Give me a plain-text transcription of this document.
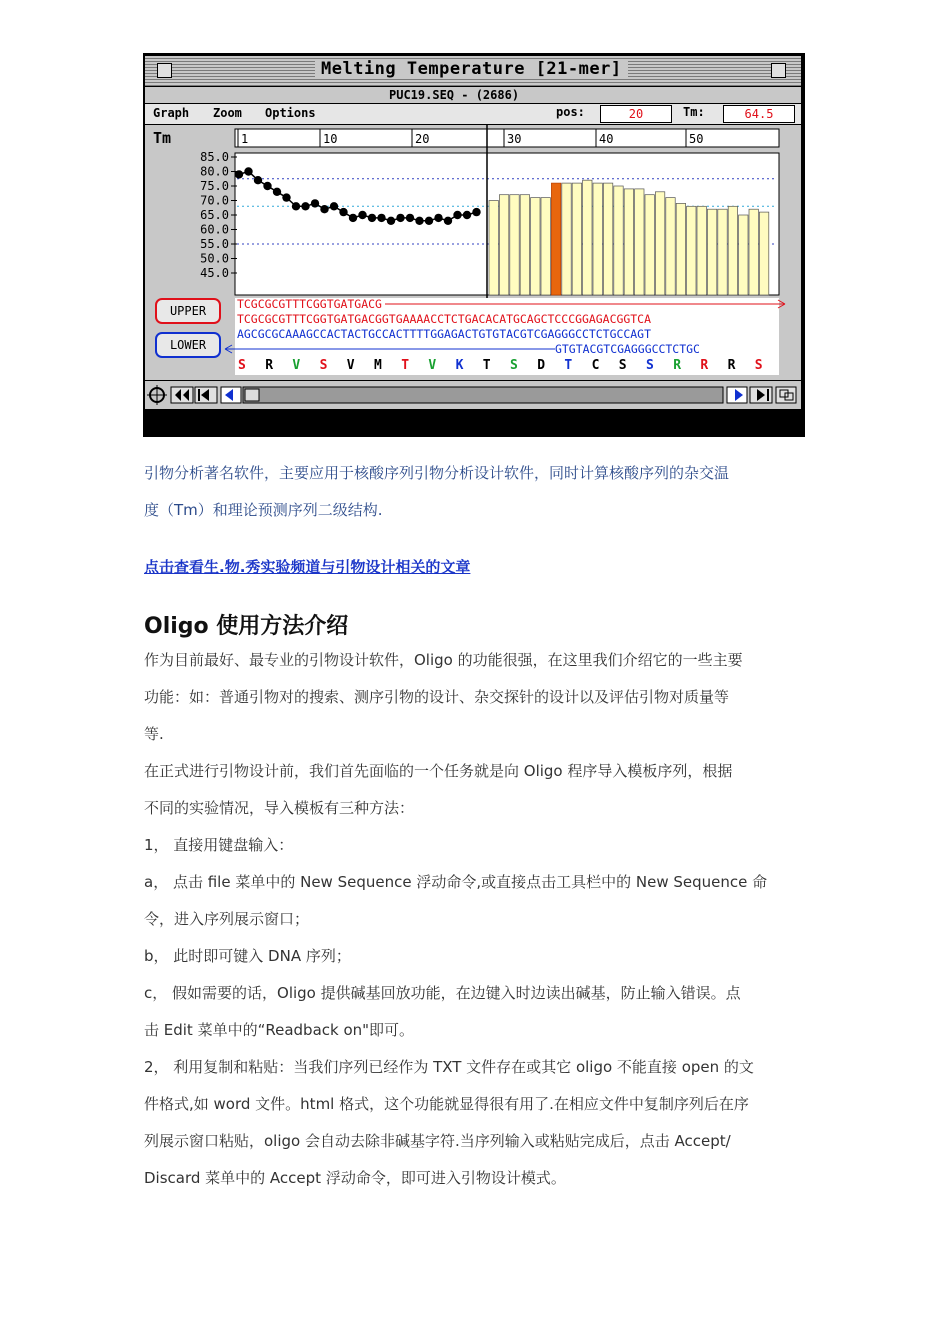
Melting Temperature [21-mer]
PUC19.SEQ - (2686)
Graph Zoom Options	pos:	20	Tm:	64.5
Tm	1	10	20	30	40	50
85.0
80.0
75.0
70.0
65.0
60.0
55.0
50.0
45.0
TCGCGCGTTTCGGTGATGACG
TCGCGCGTTTCGGTGATGACGGTGAAAACCTCTGACACATGCAGCTCCCGGAGACGGTCA
AGCGCGCAAAGCCACTACTGCCACTTTTGGAGACTGTGTACGTCGAGGGCCTCTGCCAGT
GTGTACGTCGAGGGCCTCTGC
S R V S V M T V K T S D T C S S R R R S
UPPER
LOWER
引物分析著名软件，主要应用于核酸序列引物分析设计软件，同时计算核酸序列的杂交温
度（Tm）和理论预测序列二级结构.
点击查看生.物.秀实验频道与引物设计相关的文章
Oligo 使用方法介绍
作为目前最好、最专业的引物设计软件，Oligo 的功能很强，在这里我们介绍它的一些主要
功能：如：普通引物对的搜索、测序引物的设计、杂交探针的设计以及评估引物对质量等
等.
在正式进行引物设计前，我们首先面临的一个任务就是向 Oligo 程序导入模板序列，根据
不同的实验情况，导入模板有三种方法：
1， 直接用键盘输入：
a， 点击 file 菜单中的 New Sequence 浮动命令,或直接点击工具栏中的 New Sequence 命
令，进入序列展示窗口；
b， 此时即可键入 DNA 序列；
c， 假如需要的话，Oligo 提供碱基回放功能，在边键入时边读出碱基，防止输入错误。点
击 Edit 菜单中的“Readback on"即可。
2， 利用复制和粘贴：当我们序列已经作为 TXT 文件存在或其它 oligo 不能直接 open 的文
件格式,如 word 文件。html 格式，这个功能就显得很有用了.在相应文件中复制序列后在序
列展示窗口粘贴，oligo 会自动去除非碱基字符.当序列输入或粘贴完成后，点击 Accept/
Discard 菜单中的 Accept 浮动命令，即可进入引物设计模式。
